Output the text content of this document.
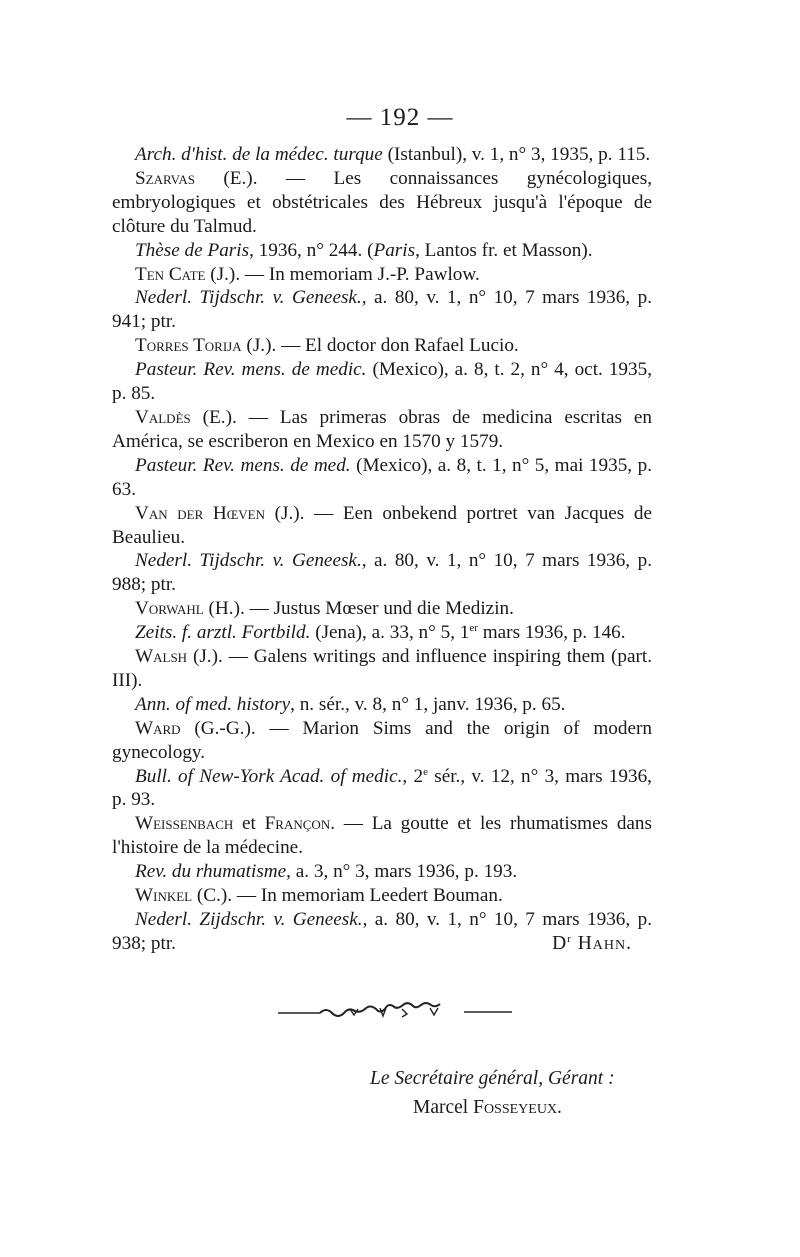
— 192 —

Arch. d'hist. de la médec. turque (Istanbul), v. 1, n° 3, 1935, p. 115.

Szarvas (E.). — Les connaissances gynécologiques, embryologiques et obstétricales des Hébreux jusqu'à l'époque de clôture du Talmud.

Thèse de Paris, 1936, n° 244. (Paris, Lantos fr. et Masson).

Ten Cate (J.). — In memoriam J.-P. Pawlow.

Nederl. Tijdschr. v. Geneesk., a. 80, v. 1, n° 10, 7 mars 1936, p. 941; ptr.

Torres Torija (J.). — El doctor don Rafael Lucio.

Pasteur. Rev. mens. de medic. (Mexico), a. 8, t. 2, n° 4, oct. 1935, p. 85.

Valdès (E.). — Las primeras obras de medicina escritas en América, se escriberon en Mexico en 1570 y 1579.

Pasteur. Rev. mens. de med. (Mexico), a. 8, t. 1, n° 5, mai 1935, p. 63.

Van der Hœven (J.). — Een onbekend portret van Jacques de Beaulieu.

Nederl. Tijdschr. v. Geneesk., a. 80, v. 1, n° 10, 7 mars 1936, p. 988; ptr.

Vorwahl (H.). — Justus Mœser und die Medizin.

Zeits. f. arztl. Fortbild. (Jena), a. 33, n° 5, 1er mars 1936, p. 146.

Walsh (J.). — Galens writings and influence inspiring them (part. III).

Ann. of med. history, n. sér., v. 8, n° 1, janv. 1936, p. 65.

Ward (G.-G.). — Marion Sims and the origin of modern gynecology.

Bull. of New-York Acad. of medic., 2e sér., v. 12, n° 3, mars 1936, p. 93.

Weissenbach et Françon. — La goutte et les rhumatismes dans l'histoire de la médecine.

Rev. du rhumatisme, a. 3, n° 3, mars 1936, p. 193.

Winkel (C.). — In memoriam Leedert Bouman.

Nederl. Zijdschr. v. Geneesk., a. 80, v. 1, n° 10, 7 mars 1936, p. 938; ptr.	$D^r$ Hahn.
Le Secrétaire général, Gérant :
Marcel Fosseyeux.
